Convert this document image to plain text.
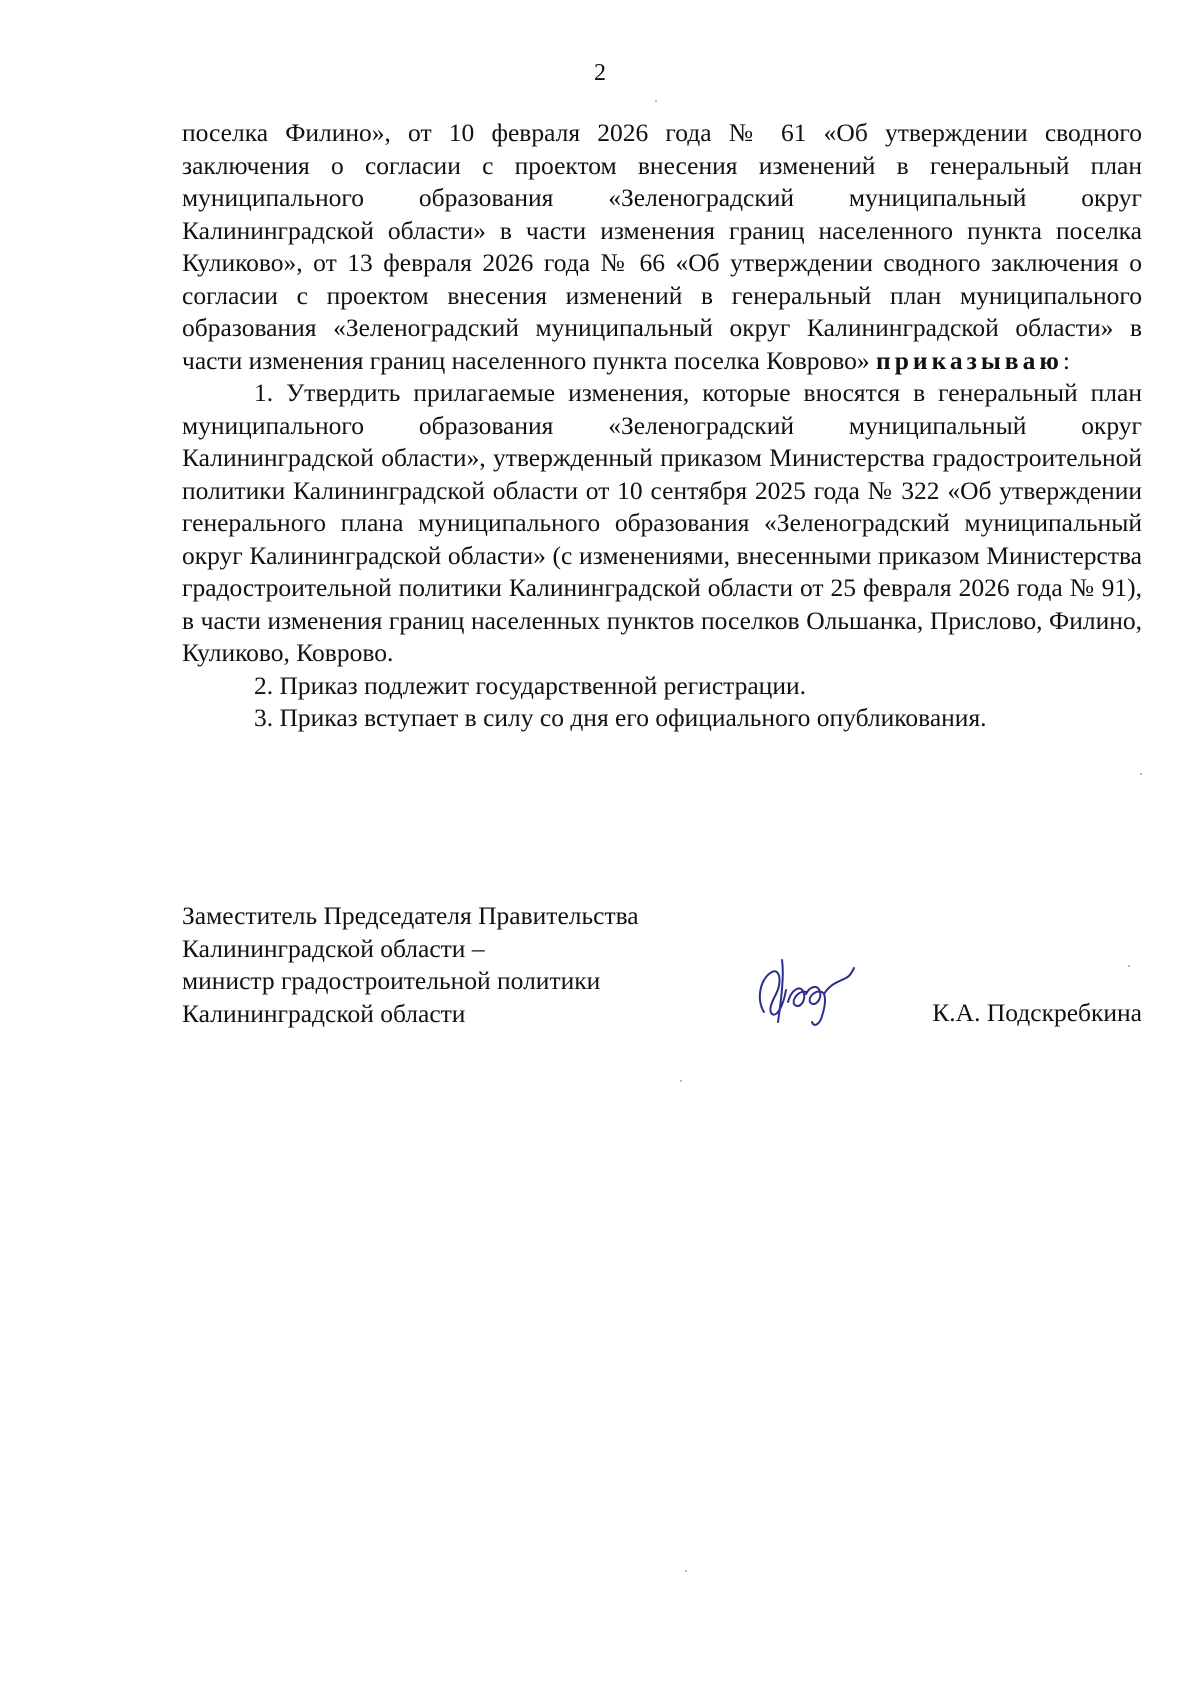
2

поселка Филино», от 10 февраля 2026 года № 61 «Об утверждении сводного заключения о согласии с проектом внесения изменений в генеральный план муниципального образования «Зеленоградский муниципальный округ Калининградской области» в части изменения границ населенного пункта поселка Куликово», от 13 февраля 2026 года № 66 «Об утверждении сводного заключения о согласии с проектом внесения изменений в генеральный план муниципального образования «Зеленоградский муниципальный округ Калининградской области» в части изменения границ населенного пункта поселка Коврово» приказываю:

1. Утвердить прилагаемые изменения, которые вносятся в генеральный план муниципального образования «Зеленоградский муниципальный округ Калининградской области», утвержденный приказом Министерства градостроительной политики Калининградской области от 10 сентября 2025 года № 322 «Об утверждении генерального плана муниципального образования «Зеленоградский муниципальный округ Калининградской области» (с изменениями, внесенными приказом Министерства градостроительной политики Калининградской области от 25 февраля 2026 года № 91), в части изменения границ населенных пунктов поселков Ольшанка, Прислово, Филино, Куликово, Коврово.

2. Приказ подлежит государственной регистрации.

3. Приказ вступает в силу со дня его официального опубликования.

Заместитель Председателя Правительства
Калининградской области –
министр градостроительной политики
Калининградской области	К.А. Подскребкина
